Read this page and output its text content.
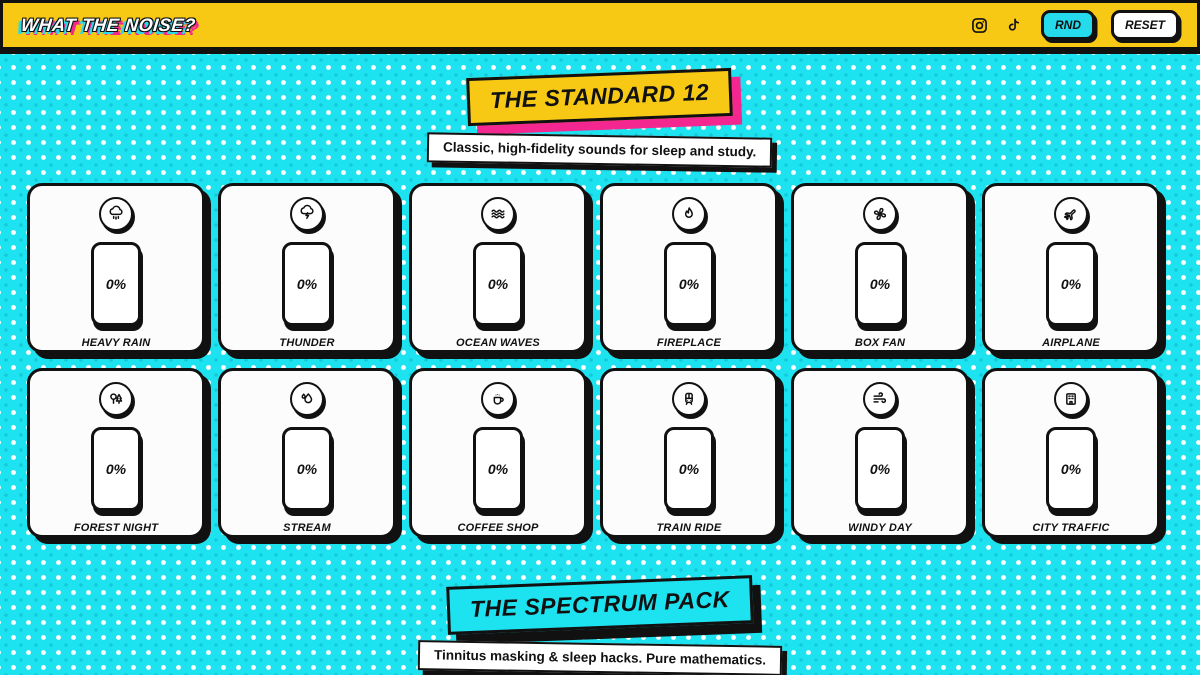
WHAT THE NOISE?	RND	RESET
THE STANDARD 12
Classic, high-fidelity sounds for sleep and study.
0%
HEAVY RAIN
0%
THUNDER
0%
OCEAN WAVES
0%
FIREPLACE
0%
BOX FAN
0%
AIRPLANE
0%
FOREST NIGHT
0%
STREAM
0%
COFFEE SHOP
0%
TRAIN RIDE
0%
WINDY DAY
0%
CITY TRAFFIC
THE SPECTRUM PACK
Tinnitus masking & sleep hacks. Pure mathematics.
